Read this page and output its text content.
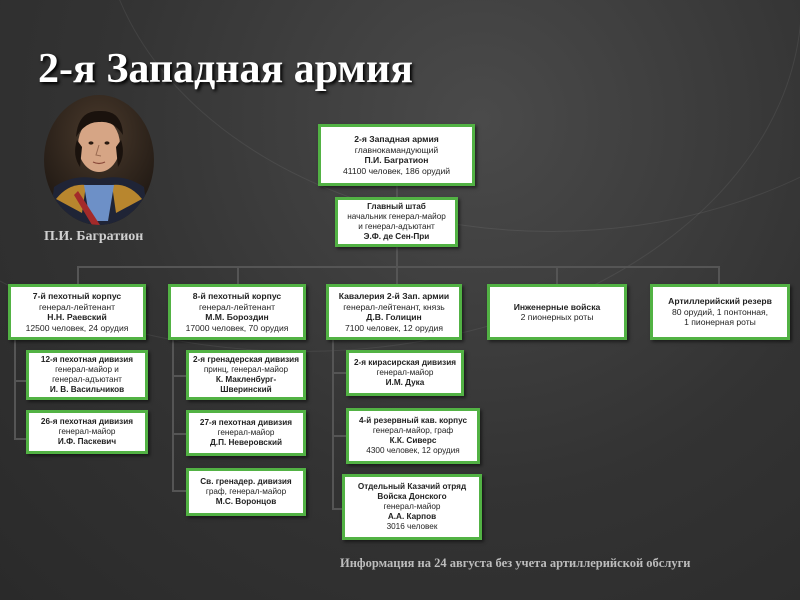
2-я Западная армия
П.И. Багратион
2-я Западная армия
главнокамандующий
П.И. Багратион
41100 человек, 186 орудий
Главный штаб
начальник генерал-майор
и генерал-адъютант
Э.Ф. де Сен-При
7-й пехотный корпус
генерал-лейтенант
Н.Н. Раевский
12500 человек, 24 орудия
8-й пехотный корпус
генерал-лейтенант
М.М. Бороздин
17000 человек, 70 орудия
Кавалерия 2-й Зап. армии
генерал-лейтенант, князь
Д.В. Голицин
7100 человек, 12 орудия
Инженерные войска
2 пионерных роты
Артиллерийский резерв
80 орудий, 1 понтонная,
1 пионерная роты
12-я пехотная дивизия
генерал-майор и
генерал-адъютант
И. В. Васильчиков
26-я пехотная дивизия
генерал-майор
И.Ф. Паскевич
2-я гренадерская дивизия
принц, генерал-майор
К. Макленбург-
Шверинский
27-я пехотная дивизия
генерал-майор
Д.П. Неверовский
Св. гренадер. дивизия
граф, генерал-майор
М.С. Воронцов
2-я кирасирская дивизия
генерал-майор
И.М. Дука
4-й резервный кав. корпус
генерал-майор, граф
К.К. Сиверс
4300 человек, 12 орудия
Отдельный Казачий отряд
Войска Донского
генерал-майор
А.А. Карпов
3016 человек
Информация на 24 августа без учета артиллерийской обслуги
